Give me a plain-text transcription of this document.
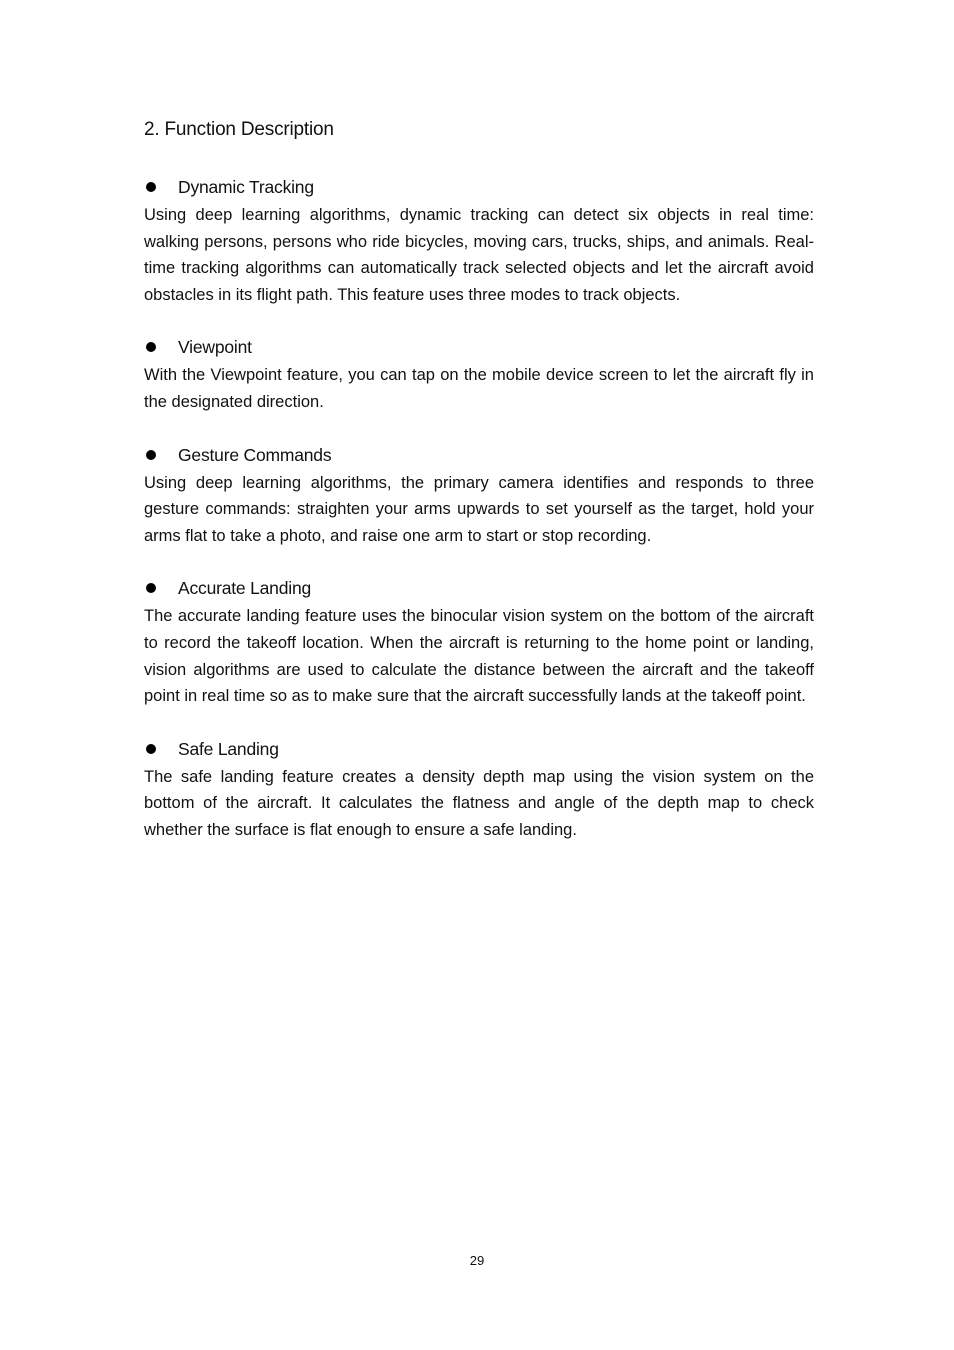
2. Function Description
Dynamic Tracking

Using deep learning algorithms, dynamic tracking can detect six objects in real time: walking persons, persons who ride bicycles, moving cars, trucks, ships, and animals. Real-time tracking algorithms can automatically track selected objects and let the aircraft avoid obstacles in its flight path. This feature uses three modes to track objects.

Viewpoint

With the Viewpoint feature, you can tap on the mobile device screen to let the aircraft fly in the designated direction.

Gesture Commands

Using deep learning algorithms, the primary camera identifies and responds to three gesture commands: straighten your arms upwards to set yourself as the target, hold your arms flat to take a photo, and raise one arm to start or stop recording.

Accurate Landing

The accurate landing feature uses the binocular vision system on the bottom of the aircraft to record the takeoff location. When the aircraft is returning to the home point or landing, vision algorithms are used to calculate the distance between the aircraft and the takeoff point in real time so as to make sure that the aircraft successfully lands at the takeoff point.

Safe Landing

The safe landing feature creates a density depth map using the vision system on the bottom of the aircraft. It calculates the flatness and angle of the depth map to check whether the surface is flat enough to ensure a safe landing.

29
